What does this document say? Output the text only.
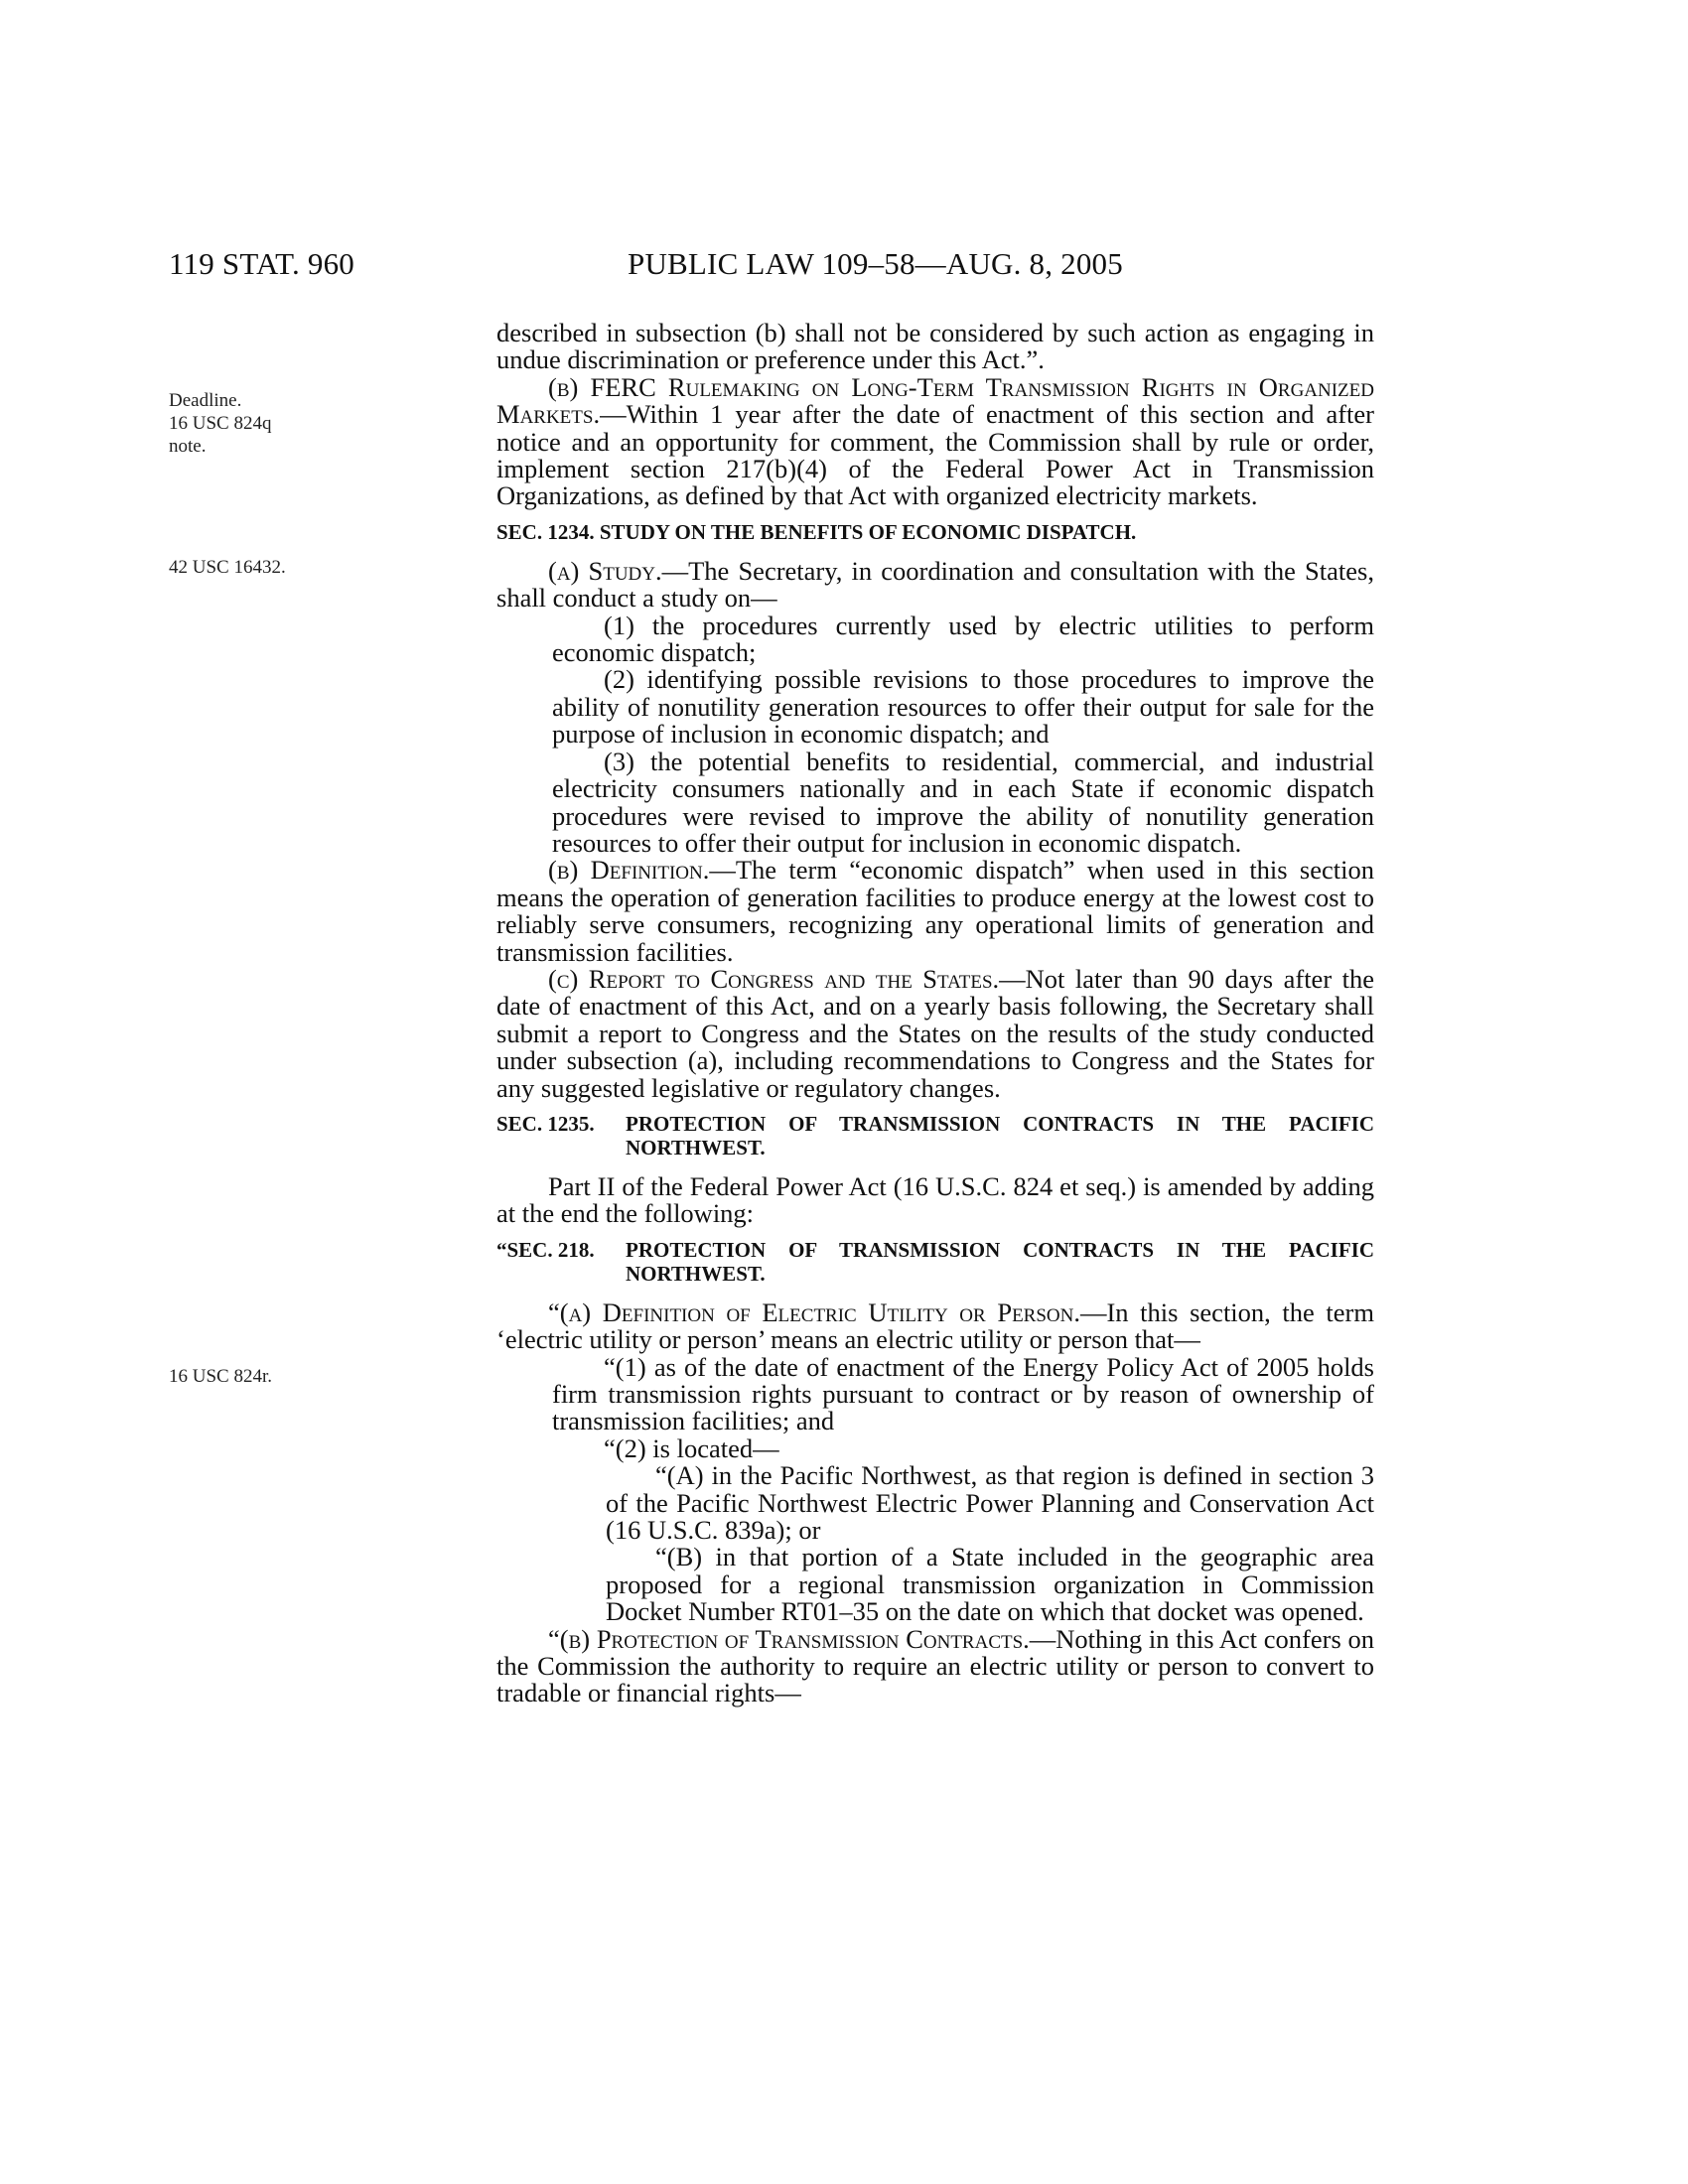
119 STAT. 960	PUBLIC LAW 109–58—AUG. 8, 2005
Deadline.
16 USC 824q
note.
42 USC 16432.
16 USC 824r.

described in subsection (b) shall not be considered by such action as engaging in undue discrimination or preference under this Act.”.

(b) FERC Rulemaking on Long-Term Transmission Rights in Organized Markets.—Within 1 year after the date of enactment of this section and after notice and an opportunity for comment, the Commission shall by rule or order, implement section 217(b)(4) of the Federal Power Act in Transmission Organizations, as defined by that Act with organized electricity markets.

SEC. 1234. STUDY ON THE BENEFITS OF ECONOMIC DISPATCH.

(a) Study.—The Secretary, in coordination and consultation with the States, shall conduct a study on—

(1) the procedures currently used by electric utilities to perform economic dispatch;

(2) identifying possible revisions to those procedures to improve the ability of nonutility generation resources to offer their output for sale for the purpose of inclusion in economic dispatch; and

(3) the potential benefits to residential, commercial, and industrial electricity consumers nationally and in each State if economic dispatch procedures were revised to improve the ability of nonutility generation resources to offer their output for inclusion in economic dispatch.

(b) Definition.—The term “economic dispatch” when used in this section means the operation of generation facilities to produce energy at the lowest cost to reliably serve consumers, recognizing any operational limits of generation and transmission facilities.

(c) Report to Congress and the States.—Not later than 90 days after the date of enactment of this Act, and on a yearly basis following, the Secretary shall submit a report to Congress and the States on the results of the study conducted under subsection (a), including recommendations to Congress and the States for any suggested legislative or regulatory changes.

SEC. 1235.	PROTECTION OF TRANSMISSION CONTRACTS IN THE PACIFIC NORTHWEST.

Part II of the Federal Power Act (16 U.S.C. 824 et seq.) is amended by adding at the end the following:

“SEC. 218.	PROTECTION OF TRANSMISSION CONTRACTS IN THE PACIFIC NORTHWEST.

“(a) Definition of Electric Utility or Person.—In this section, the term ‘electric utility or person’ means an electric utility or person that—

“(1) as of the date of enactment of the Energy Policy Act of 2005 holds firm transmission rights pursuant to contract or by reason of ownership of transmission facilities; and

“(2) is located—

“(A) in the Pacific Northwest, as that region is defined in section 3 of the Pacific Northwest Electric Power Planning and Conservation Act (16 U.S.C. 839a); or

“(B) in that portion of a State included in the geographic area proposed for a regional transmission organization in Commission Docket Number RT01–35 on the date on which that docket was opened.

“(b) Protection of Transmission Contracts.—Nothing in this Act confers on the Commission the authority to require an electric utility or person to convert to tradable or financial rights—
